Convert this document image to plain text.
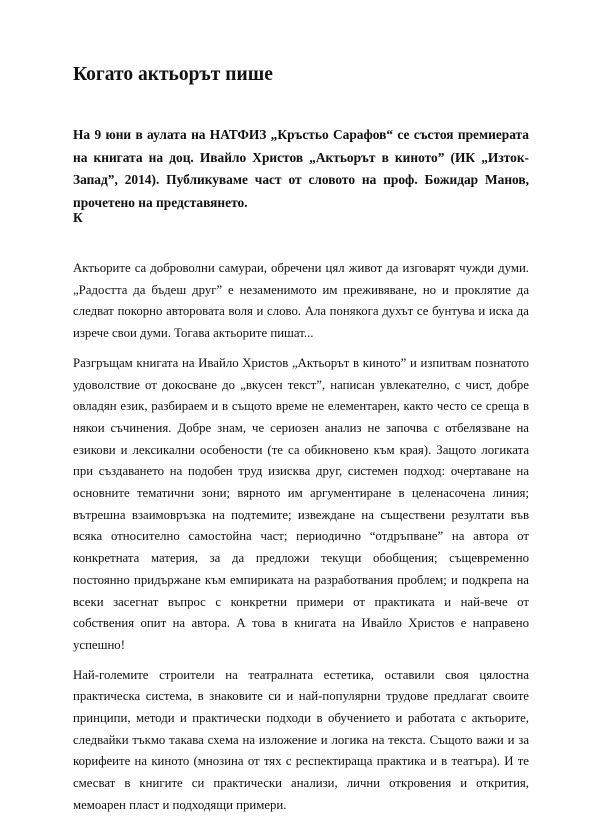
Когато актьорът пише

На 9 юни в аулата на НАТФИЗ „Кръстьо Сарафов“ се състоя премиерата на книгата на доц. Ивайло Христов „Актьорът в киното” (ИК „Изток-Запад”, 2014). Публикуваме част от словото на проф. Божидар Манов, прочетено на представянето.

К

Актьорите са доброволни самураи, обречени цял живот да изговарят чужди думи. „Радостта да бъдеш друг” е незаменимото им преживяване, но и проклятие да следват покорно авторовата воля и слово. Ала понякога духът се бунтува и иска да изрече свои думи. Тогава актьорите пишат...

Разгръщам книгата на Ивайло Христов „Актьорът в киното” и изпитвам познатото удоволствие от докосване до „вкусен текст”, написан увлекателно, с чист, добре овладян език, разбираем и в същото време не елементарен, както често се среща в някои съчинения. Добре знам, че сериозен анализ не започва с отбелязване на езикови и лексикални особености (те са обикновено към края). Защото логиката при създаването на подобен труд изисква друг, системен подход: очертаване на основните тематични зони; вярното им аргументиране в целенасочена линия; вътрешна взаимовръзка на подтемите; извеждане на съществени резултати във всяка относително самостойна част; периодично “отдръпване” на автора от конкретната материя, за да предложи текущи обобщения; същевременно постоянно придържане към емпириката на разработвания проблем; и подкрепа на всеки засегнат въпрос с конкретни примери от практиката и най-вече от собствения опит на автора. А това в книгата на Ивайло Христов е направено успешно!

Най-големите строители на театралната естетика, оставили своя цялостна практическа система, в знаковите си и най-популярни трудове предлагат своите принципи, методи и практически подходи в обучението и работата с актьорите, следвайки тъкмо такава схема на изложение и логика на текста. Същото важи и за корифеите на киното (мнозина от тях с респектираща практика и в театъра). И те смесват в книгите си практически анализи, лични откровения и открития, мемоарен пласт и подходящи примери.
